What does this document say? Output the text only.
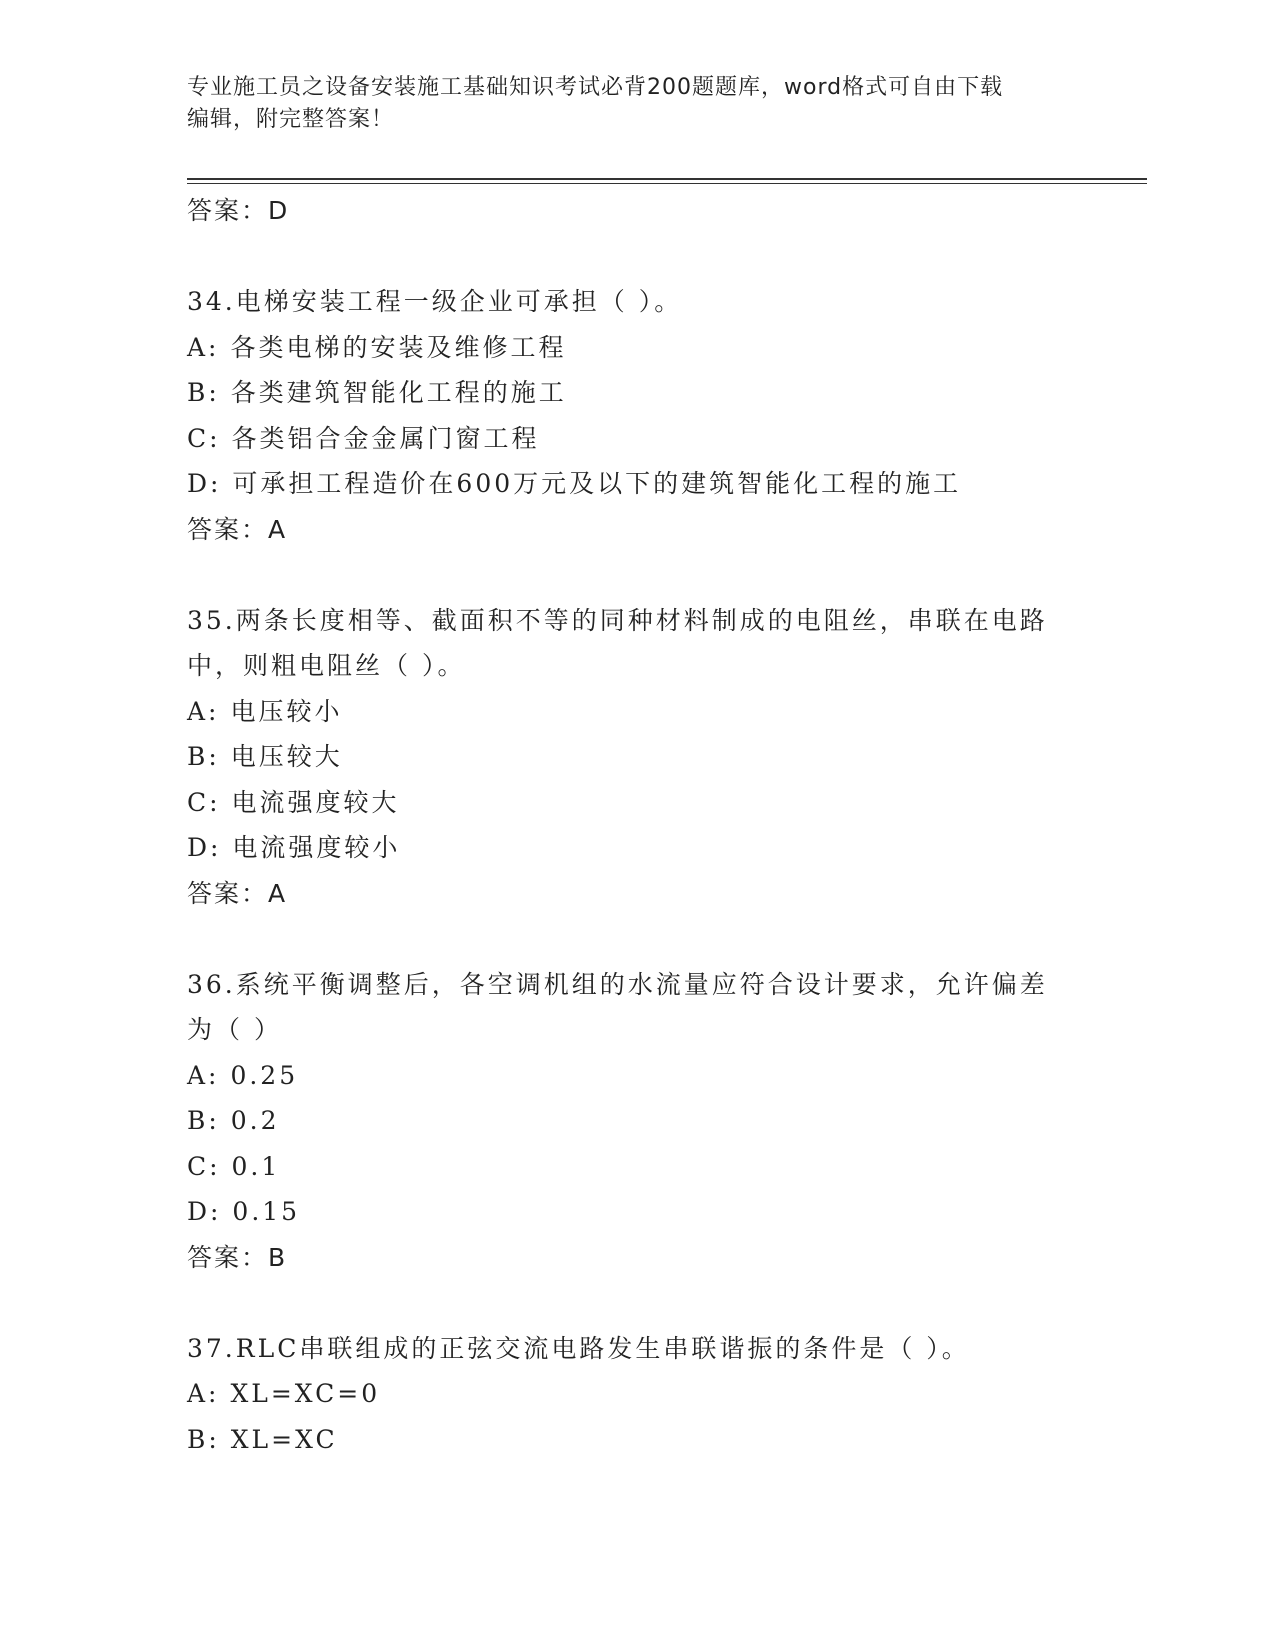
专业施工员之设备安装施工基础知识考试必背200题题库，word格式可自由下载
编辑，附完整答案！
答案：D
34.电梯安装工程一级企业可承担（ ）。
A: 各类电梯的安装及维修工程
B: 各类建筑智能化工程的施工
C: 各类铝合金金属门窗工程
D: 可承担工程造价在600万元及以下的建筑智能化工程的施工
答案：A
35.两条长度相等、截面积不等的同种材料制成的电阻丝，串联在电路中，则粗电阻丝（ ）。
A: 电压较小
B: 电压较大
C: 电流强度较大
D: 电流强度较小
答案：A
36.系统平衡调整后，各空调机组的水流量应符合设计要求，允许偏差为（ ）
A: 0.25
B: 0.2
C: 0.1
D: 0.15
答案：B
37.RLC串联组成的正弦交流电路发生串联谐振的条件是（ ）。
A: XL=XC=0
B: XL=XC
